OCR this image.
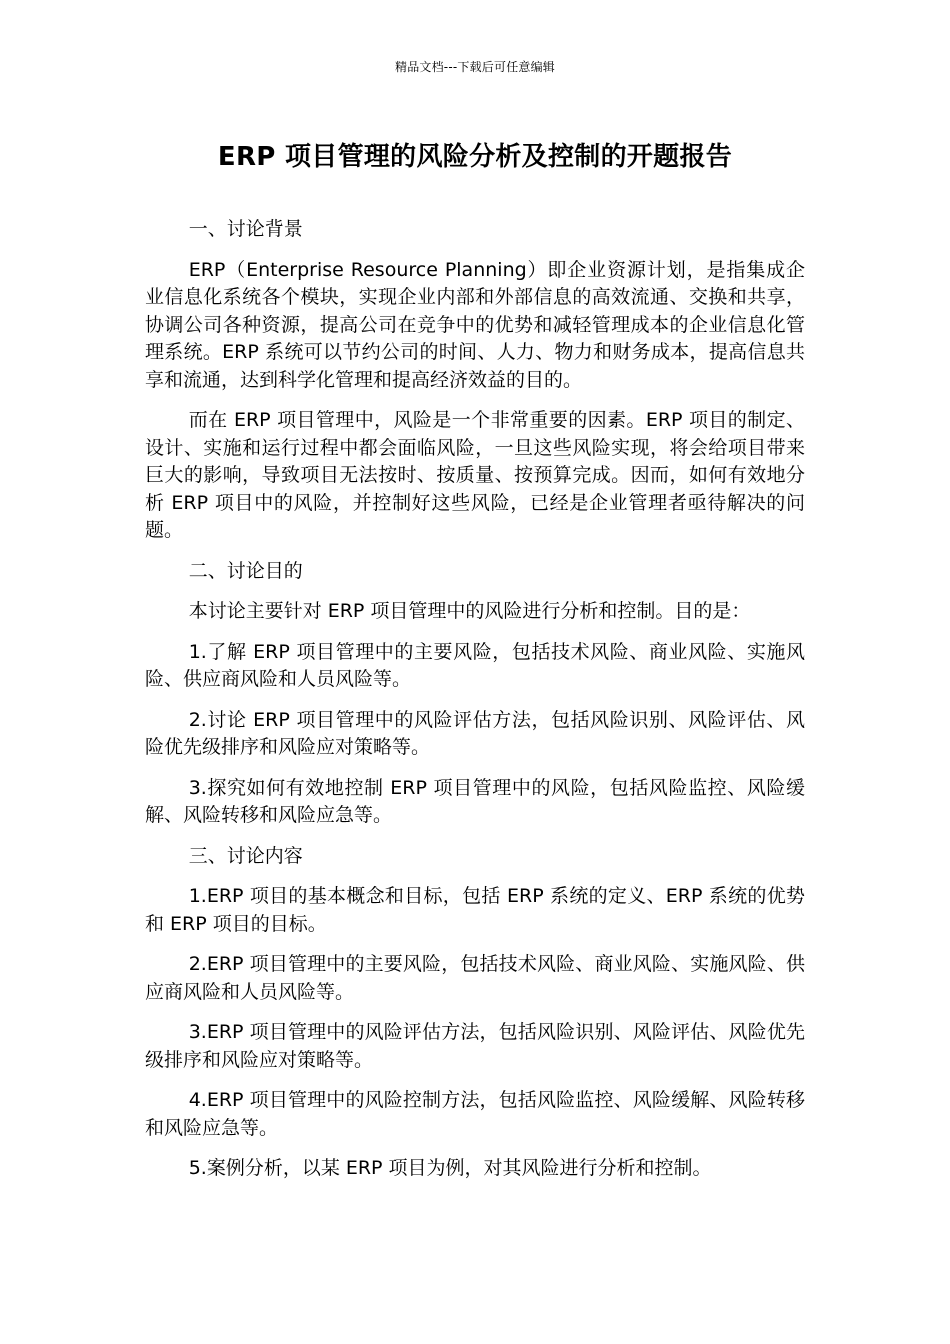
精品文档---下载后可任意编辑
ERP 项目管理的风险分析及控制的开题报告

一、讨论背景

ERP（Enterprise Resource Planning）即企业资源计划，是指集成企业信息化系统各个模块，实现企业内部和外部信息的高效流通、交换和共享，协调公司各种资源，提高公司在竞争中的优势和减轻管理成本的企业信息化管理系统。ERP 系统可以节约公司的时间、人力、物力和财务成本，提高信息共享和流通，达到科学化管理和提高经济效益的目的。

而在 ERP 项目管理中，风险是一个非常重要的因素。ERP 项目的制定、设计、实施和运行过程中都会面临风险，一旦这些风险实现，将会给项目带来巨大的影响，导致项目无法按时、按质量、按预算完成。因而，如何有效地分析 ERP 项目中的风险，并控制好这些风险，已经是企业管理者亟待解决的问题。

二、讨论目的

本讨论主要针对 ERP 项目管理中的风险进行分析和控制。目的是：

1.了解 ERP 项目管理中的主要风险，包括技术风险、商业风险、实施风险、供应商风险和人员风险等。

2.讨论 ERP 项目管理中的风险评估方法，包括风险识别、风险评估、风险优先级排序和风险应对策略等。

3.探究如何有效地控制 ERP 项目管理中的风险，包括风险监控、风险缓解、风险转移和风险应急等。

三、讨论内容

1.ERP 项目的基本概念和目标，包括 ERP 系统的定义、ERP 系统的优势和 ERP 项目的目标。

2.ERP 项目管理中的主要风险，包括技术风险、商业风险、实施风险、供应商风险和人员风险等。

3.ERP 项目管理中的风险评估方法，包括风险识别、风险评估、风险优先级排序和风险应对策略等。

4.ERP 项目管理中的风险控制方法，包括风险监控、风险缓解、风险转移和风险应急等。

5.案例分析，以某 ERP 项目为例，对其风险进行分析和控制。
